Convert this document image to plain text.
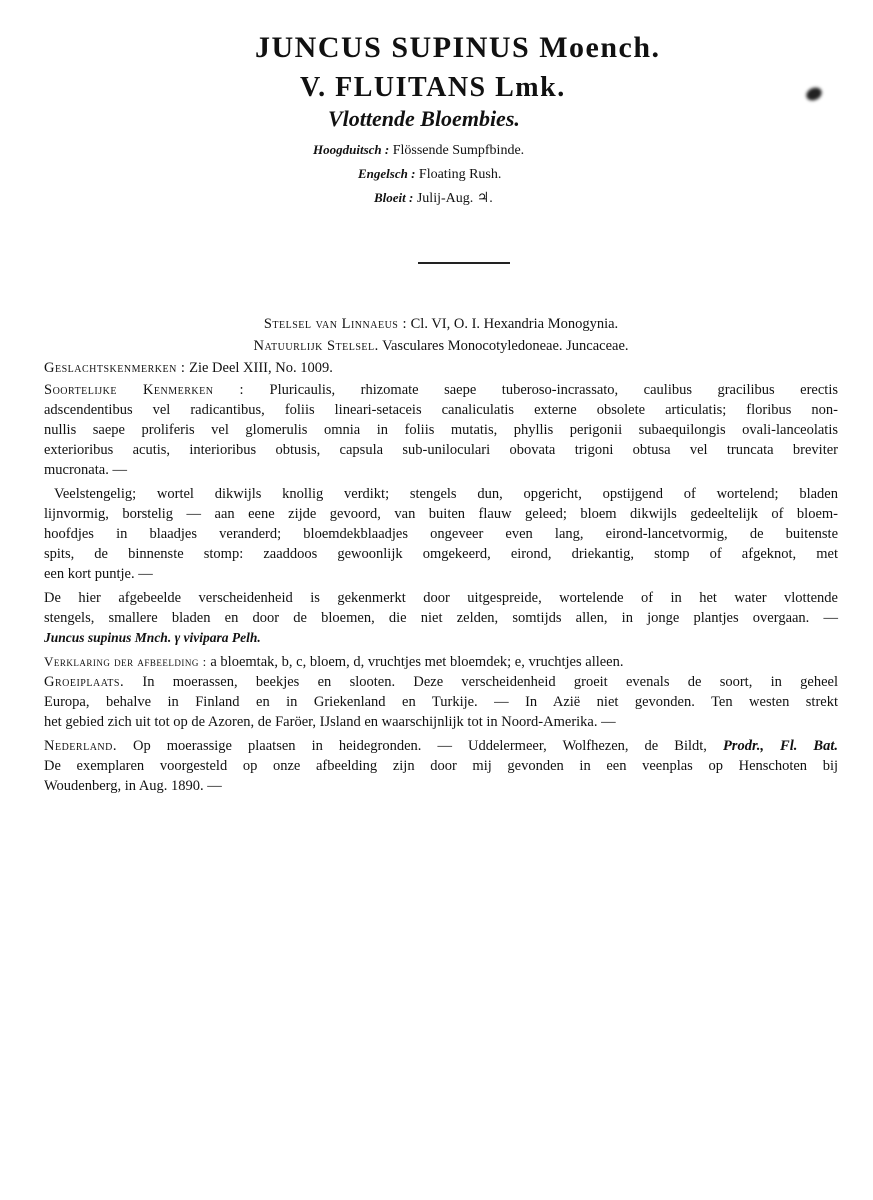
JUNCUS SUPINUS Moench.
V. FLUITANS Lmk.
Vlottende Bloembies.
Hoogduitsch : Flössende Sumpfbinde.
Engelsch : Floating Rush.
Bloeit : Julij-Aug. ♃.
Stelsel van Linnaeus : Cl. VI, O. I. Hexandria Monogynia.
Natuurlijk Stelsel. Vasculares Monocotyledoneae. Juncaceae.
Geslachtskenmerken : Zie Deel XIII, No. 1009.
Soortelijke Kenmerken : Pluricaulis, rhizomate saepe tuberoso-incrassato, caulibus gracilibus erectis
adscendentibus vel radicantibus, foliis lineari-setaceis canaliculatis externe obsolete articulatis; floribus non-
nullis saepe proliferis vel glomerulis omnia in foliis mutatis, phyllis perigonii subaequilongis ovali-lanceolatis
exterioribus acutis, interioribus obtusis, capsula sub-uniloculari obovata trigoni obtusa vel truncata breviter
mucronata. —
Veelstengelig; wortel dikwijls knollig verdikt; stengels dun, opgericht, opstijgend of wortelend; bladen
lijnvormig, borstelig — aan eene zijde gevoord, van buiten flauw geleed; bloem dikwijls gedeeltelijk of bloem-
hoofdjes in blaadjes veranderd; bloemdekblaadjes ongeveer even lang, eirond-lancetvormig, de buitenste
spits, de binnenste stomp: zaaddoos gewoonlijk omgekeerd, eirond, driekantig, stomp of afgeknot, met
een kort puntje. —
De hier afgebeelde verscheidenheid is gekenmerkt door uitgespreide, wortelende of in het water vlottende
stengels, smallere bladen en door de bloemen, die niet zelden, somtijds allen, in jonge plantjes overgaan. —
Juncus supinus Mnch. γ vivipara Pelh.
Verklaring der afbeelding : a bloemtak, b, c, bloem, d, vruchtjes met bloemdek; e, vruchtjes alleen.
Groeiplaats. In moerassen, beekjes en slooten. Deze verscheidenheid groeit evenals de soort, in geheel
Europa, behalve in Finland en in Griekenland en Turkije. — In Azië niet gevonden. Ten westen strekt
het gebied zich uit tot op de Azoren, de Faröer, IJsland en waarschijnlijk tot in Noord-Amerika. —
Nederland. Op moerassige plaatsen in heidegronden. — Uddelermeer, Wolfhezen, de Bildt, Prodr., Fl. Bat.
De exemplaren voorgesteld op onze afbeelding zijn door mij gevonden in een veenplas op Henschoten bij
Woudenberg, in Aug. 1890. —
